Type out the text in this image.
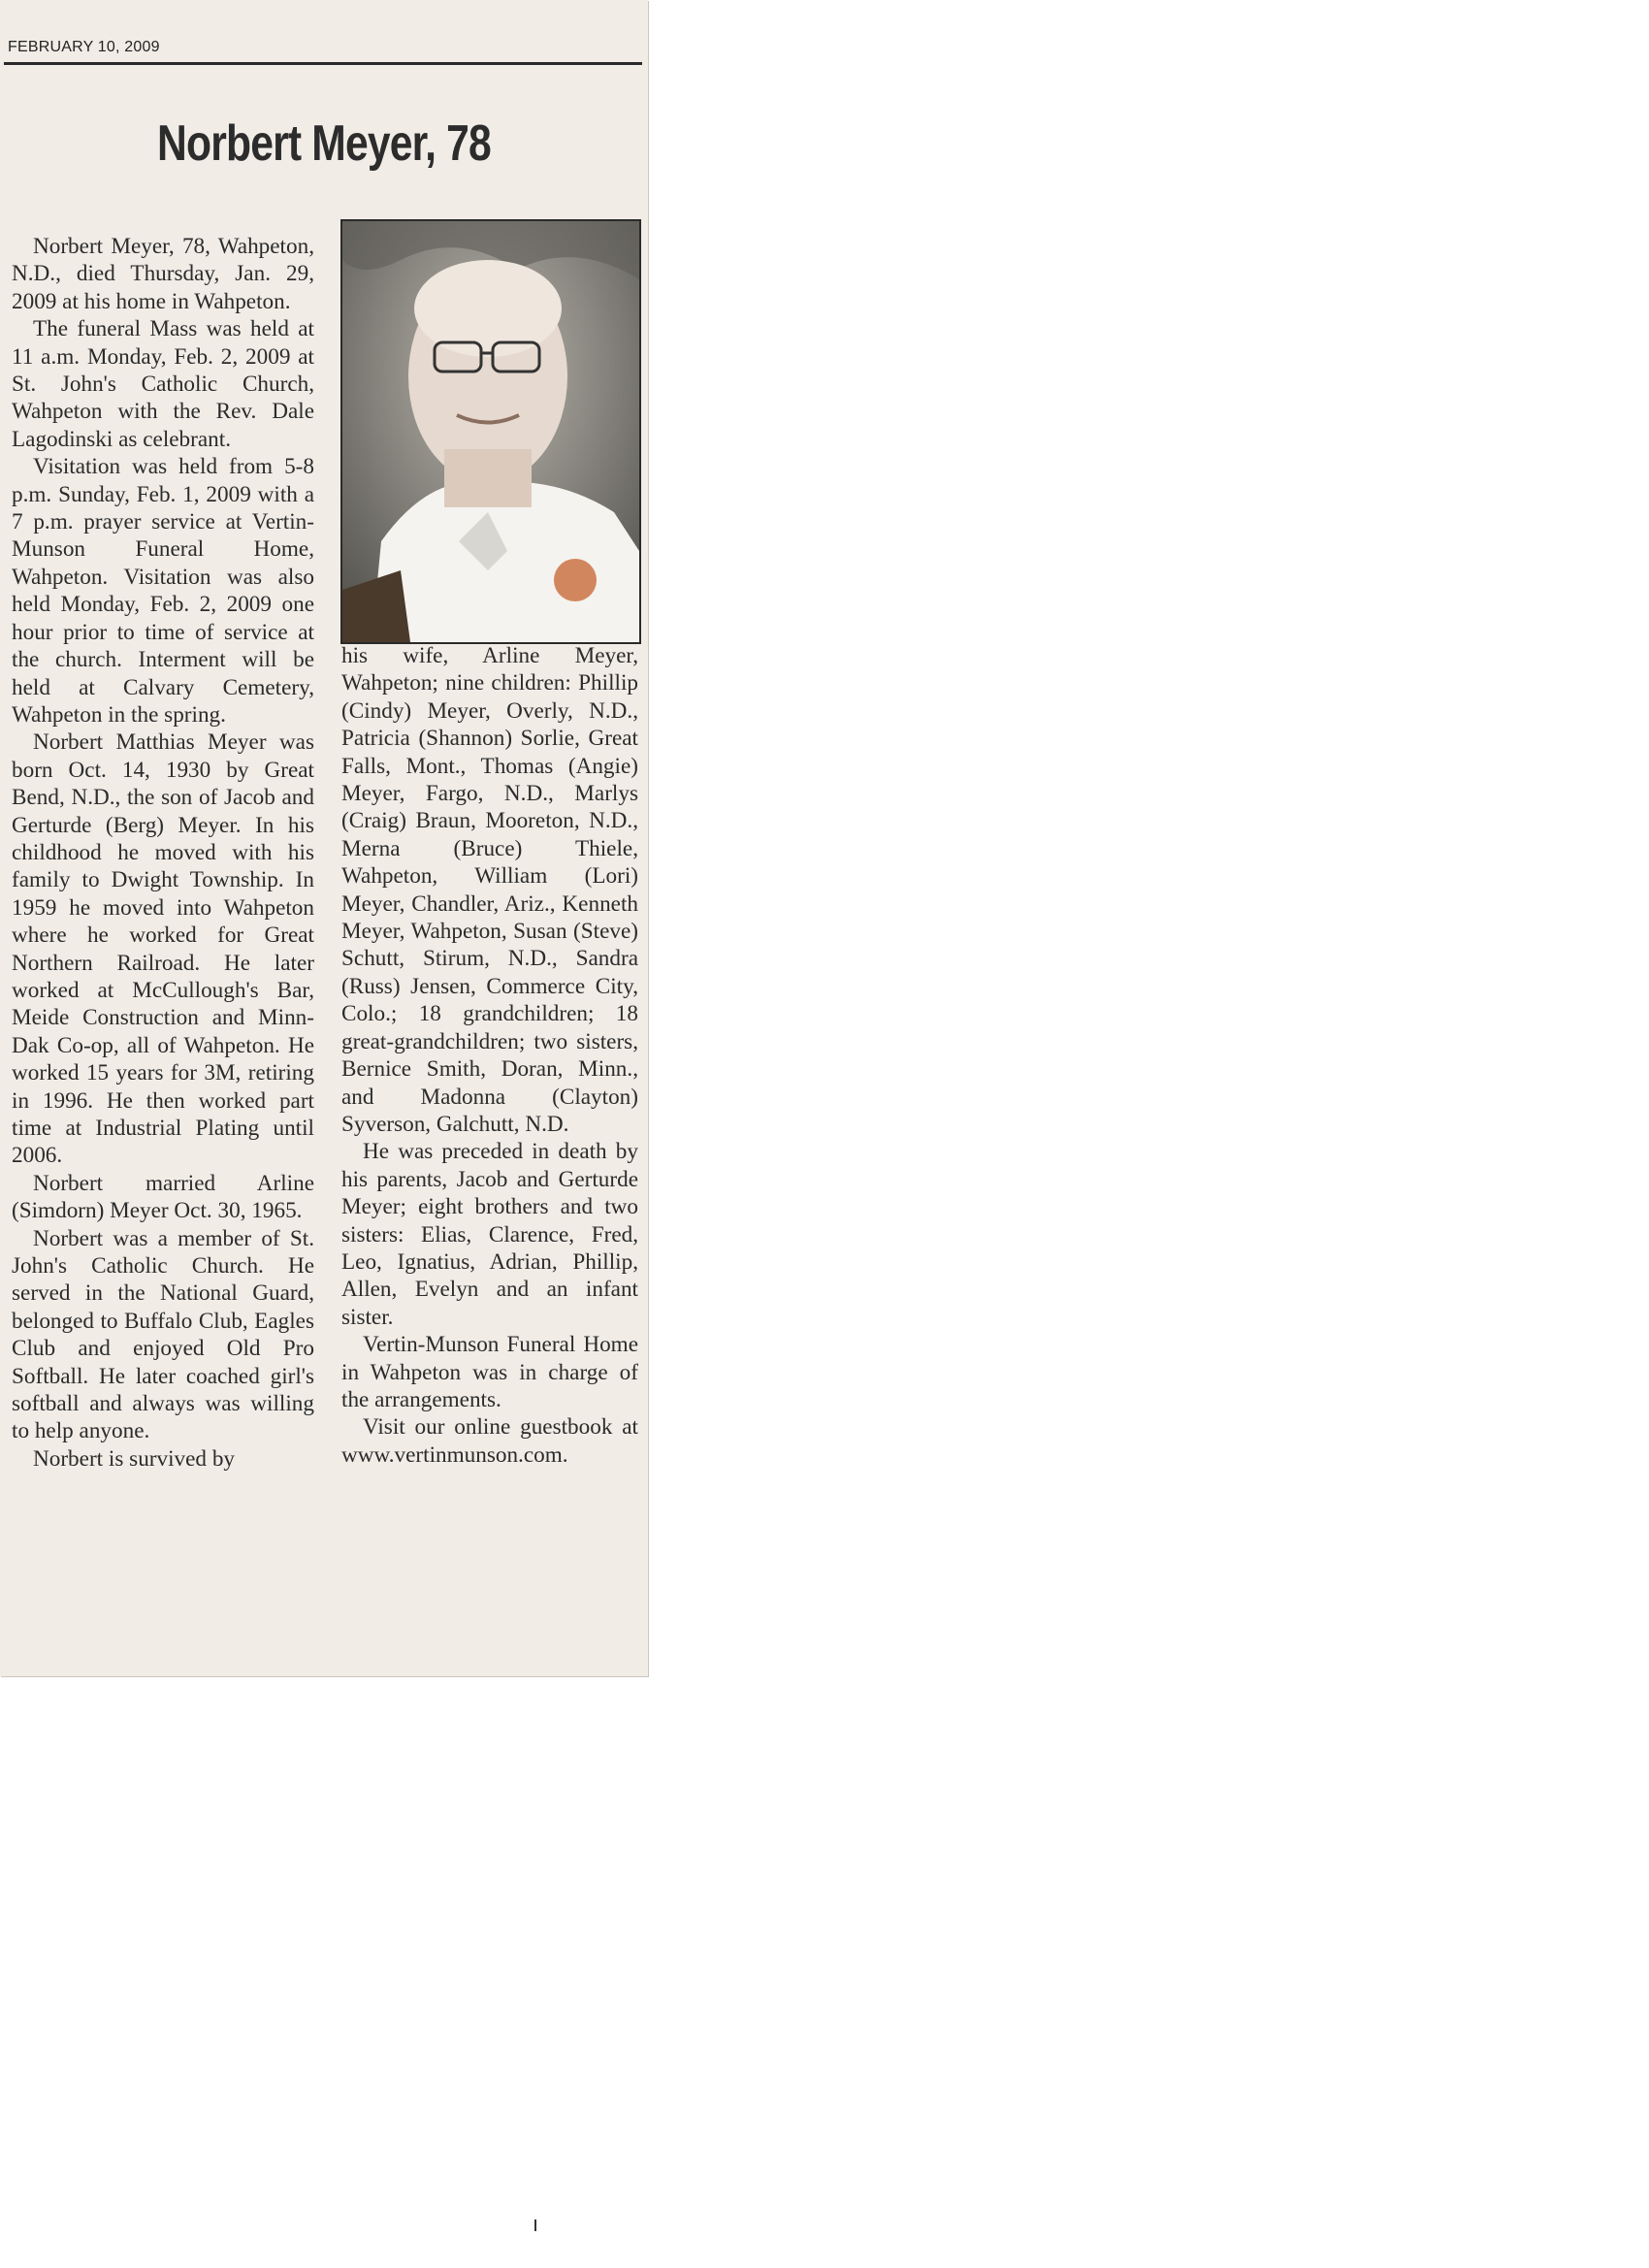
FEBRUARY 10, 2009
Norbert Meyer, 78

Norbert Meyer, 78, Wahpeton, N.D., died Thursday, Jan. 29, 2009 at his home in Wahpeton.

The funeral Mass was held at 11 a.m. Monday, Feb. 2, 2009 at St. John's Catholic Church, Wahpeton with the Rev. Dale Lagodinski as celebrant.

Visitation was held from 5-8 p.m. Sunday, Feb. 1, 2009 with a 7 p.m. prayer service at Vertin-Munson Funeral Home, Wahpeton. Visitation was also held Monday, Feb. 2, 2009 one hour prior to time of service at the church. Interment will be held at Calvary Cemetery, Wahpeton in the spring.

Norbert Matthias Meyer was born Oct. 14, 1930 by Great Bend, N.D., the son of Jacob and Gerturde (Berg) Meyer. In his childhood he moved with his family to Dwight Township. In 1959 he moved into Wahpeton where he worked for Great Northern Railroad. He later worked at McCullough's Bar, Meide Construction and Minn-Dak Co-op, all of Wahpeton. He worked 15 years for 3M, retiring in 1996. He then worked part time at Industrial Plating until 2006.

Norbert married Arline (Simdorn) Meyer Oct. 30, 1965.

Norbert was a member of St. John's Catholic Church. He served in the National Guard, belonged to Buffalo Club, Eagles Club and enjoyed Old Pro Softball. He later coached girl's softball and always was willing to help anyone.

Norbert is survived by

his wife, Arline Meyer, Wahpeton; nine children: Phillip (Cindy) Meyer, Overly, N.D., Patricia (Shannon) Sorlie, Great Falls, Mont., Thomas (Angie) Meyer, Fargo, N.D., Marlys (Craig) Braun, Mooreton, N.D., Merna (Bruce) Thiele, Wahpeton, William (Lori) Meyer, Chandler, Ariz., Kenneth Meyer, Wahpeton, Susan (Steve) Schutt, Stirum, N.D., Sandra (Russ) Jensen, Commerce City, Colo.; 18 grandchildren; 18 great-grandchildren; two sisters, Bernice Smith, Doran, Minn., and Madonna (Clayton) Syverson, Galchutt, N.D.

He was preceded in death by his parents, Jacob and Gerturde Meyer; eight brothers and two sisters: Elias, Clarence, Fred, Leo, Ignatius, Adrian, Phillip, Allen, Evelyn and an infant sister.

Vertin-Munson Funeral Home in Wahpeton was in charge of the arrangements.

Visit our online guestbook at www.vertinmunson.com.
